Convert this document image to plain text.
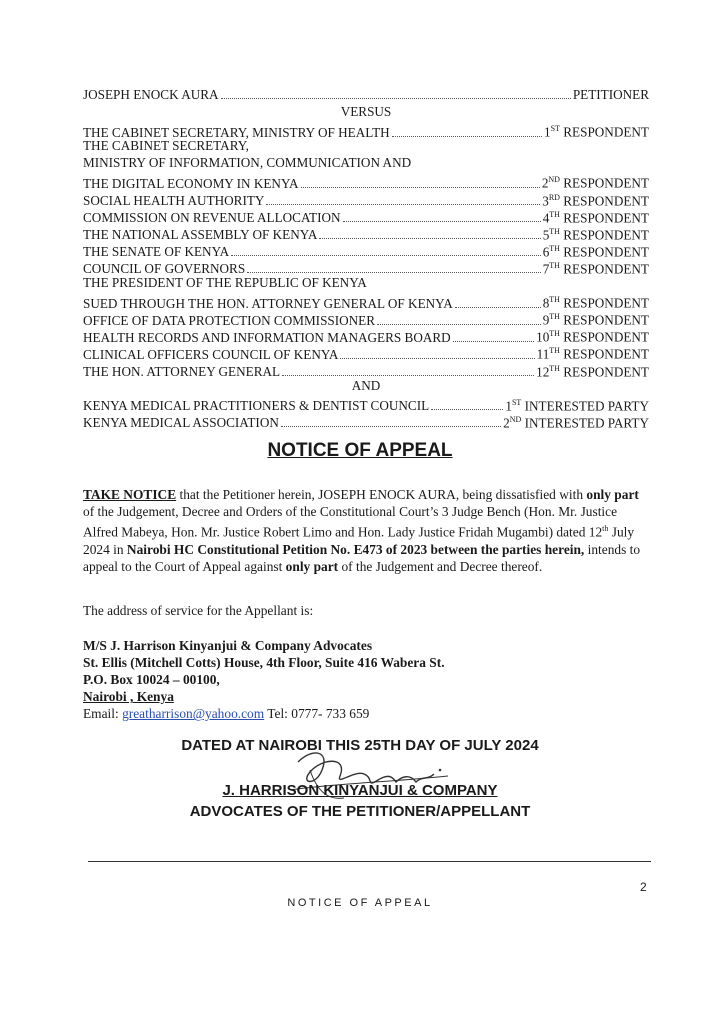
JOSEPH ENOCK AURA	PETITIONER
VERSUS
THE CABINET SECRETARY, MINISTRY OF HEALTH	1ST RESPONDENT
THE CABINET SECRETARY,
MINISTRY OF INFORMATION, COMMUNICATION AND
THE DIGITAL ECONOMY IN KENYA	2ND RESPONDENT
SOCIAL HEALTH AUTHORITY	3RD RESPONDENT
COMMISSION ON REVENUE ALLOCATION	4TH RESPONDENT
THE NATIONAL ASSEMBLY OF KENYA	5TH RESPONDENT
THE SENATE OF KENYA	6TH RESPONDENT
COUNCIL OF GOVERNORS	7TH RESPONDENT
THE PRESIDENT OF THE REPUBLIC OF KENYA
SUED THROUGH THE HON. ATTORNEY GENERAL OF KENYA	8TH RESPONDENT
OFFICE OF DATA PROTECTION COMMISSIONER	9TH RESPONDENT
HEALTH RECORDS AND INFORMATION MANAGERS BOARD	10TH RESPONDENT
CLINICAL OFFICERS COUNCIL OF KENYA	11TH RESPONDENT
THE HON. ATTORNEY GENERAL	12TH RESPONDENT
AND
KENYA MEDICAL PRACTITIONERS & DENTIST COUNCIL	1ST INTERESTED PARTY
KENYA MEDICAL ASSOCIATION	2ND INTERESTED PARTY
NOTICE OF APPEAL
TAKE NOTICE that the Petitioner herein, JOSEPH ENOCK AURA, being dissatisfied with only part of the Judgement, Decree and Orders of the Constitutional Court’s 3 Judge Bench (Hon. Mr. Justice Alfred Mabeya, Hon. Mr. Justice Robert Limo and Hon. Lady Justice Fridah Mugambi) dated 12th July 2024 in Nairobi HC Constitutional Petition No. E473 of 2023 between the parties herein, intends to appeal to the Court of Appeal against only part of the Judgement and Decree thereof.
The address of service for the Appellant is:
M/S J. Harrison Kinyanjui & Company Advocates
St. Ellis (Mitchell Cotts) House, 4th Floor, Suite 416 Wabera St.
P.O. Box 10024 – 00100,
Nairobi , Kenya
Email: greatharrison@yahoo.com Tel: 0777- 733 659
DATED AT NAIROBI THIS 25TH DAY OF JULY 2024
J. HARRISON KINYANJUI & COMPANY
ADVOCATES OF THE PETITIONER/APPELLANT
2
NOTICE OF APPEAL
